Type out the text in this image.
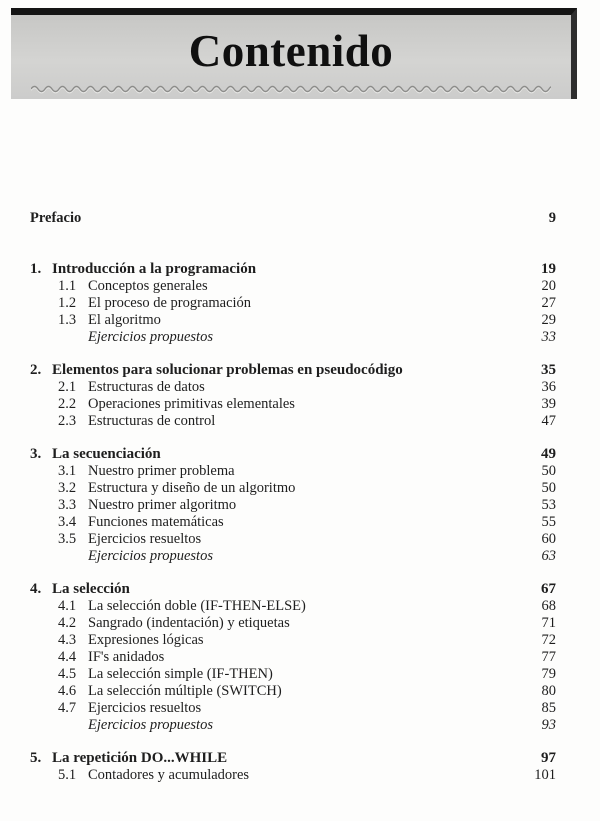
Contenido
Prefacio	9
1. Introducción a la programación	19
1.1 Conceptos generales	20
1.2 El proceso de programación	27
1.3 El algoritmo	29
Ejercicios propuestos	33
2. Elementos para solucionar problemas en pseudocódigo	35
2.1 Estructuras de datos	36
2.2 Operaciones primitivas elementales	39
2.3 Estructuras de control	47
3. La secuenciación	49
3.1 Nuestro primer problema	50
3.2 Estructura y diseño de un algoritmo	50
3.3 Nuestro primer algoritmo	53
3.4 Funciones matemáticas	55
3.5 Ejercicios resueltos	60
Ejercicios propuestos	63
4. La selección	67
4.1 La selección doble (IF-THEN-ELSE)	68
4.2 Sangrado (indentación) y etiquetas	71
4.3 Expresiones lógicas	72
4.4 IF's anidados	77
4.5 La selección simple (IF-THEN)	79
4.6 La selección múltiple (SWITCH)	80
4.7 Ejercicios resueltos	85
Ejercicios propuestos	93
5. La repetición DO...WHILE	97
5.1 Contadores y acumuladores	101
